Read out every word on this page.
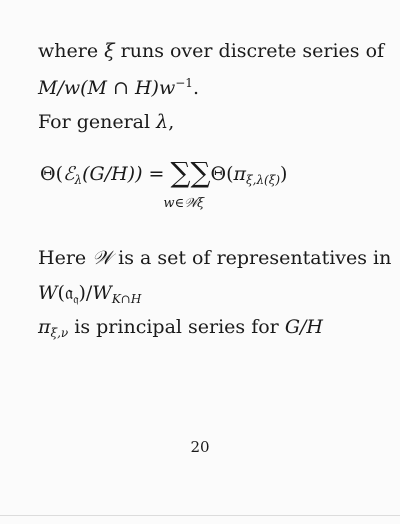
where ξ runs over discrete series of
M/w(M ∩ $H)w^{-1}$.
For general λ,
Θ(ℰ$_\lambda$(G/H)) = ∑
w∈𝒲
∑
ξ
$\Theta(\pi_{\xi,\lambda(\xi)})$
Here 𝒲 is a set of representatives in
$W(𝔞_𝔮)/W_{K\cap H}$
$\pi_{\xi,\nu}$ is principal series for G/H
20
